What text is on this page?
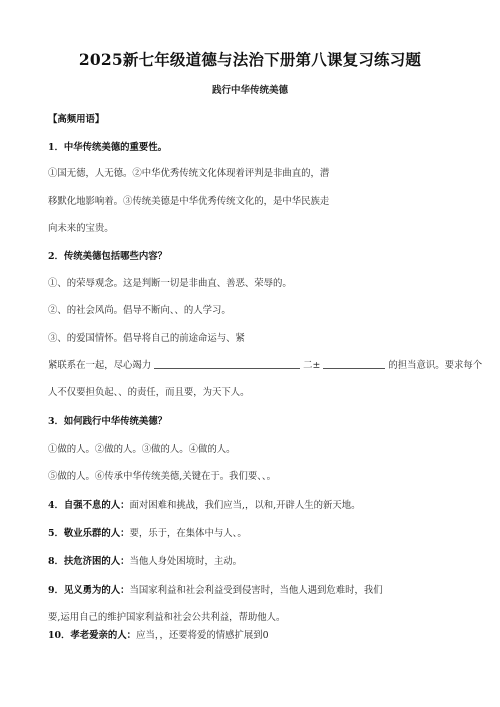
2025新七年级道德与法治下册第八课复习练习题
践行中华传统美德
【高频用语】
1．中华传统美德的重要性。
①国无德，人无德。②中华优秀传统文化体现着评判是非曲直的，潜
移默化地影响着。③传统美德是中华优秀传统文化的，是中华民族走
向未来的宝贵。
2．传统美德包括哪些内容？
①、的荣辱观念。这是判断一切是非曲直、善恶、荣辱的。
②、的社会风尚。倡导不断向、、的人学习。
③、的爱国情怀。倡导将自己的前途命运与、紧
紧联系在一起，尽心竭力	二±	的担当意识。要求每个
人不仅要担负起、、的责任，而且要，为天下人。
3．如何践行中华传统美德？
①做的人。②做的人。③做的人。④做的人。
⑤做的人。⑥传承中华传统美德,关键在于。我们要、、。
4．自强不息的人：面对困难和挑战，我们应当,，以和,开辟人生的新天地。
5．敬业乐群的人：要，乐于，在集体中与人、。
8．扶危济困的人：当他人身处困境时，主动。
9．见义勇为的人：当国家利益和社会利益受到侵害时，当他人遇到危难时，我们
要,运用自己的维护国家利益和社会公共利益，帮助他人。
10．孝老爱亲的人：应当，，还要将爱的情感扩展到0
